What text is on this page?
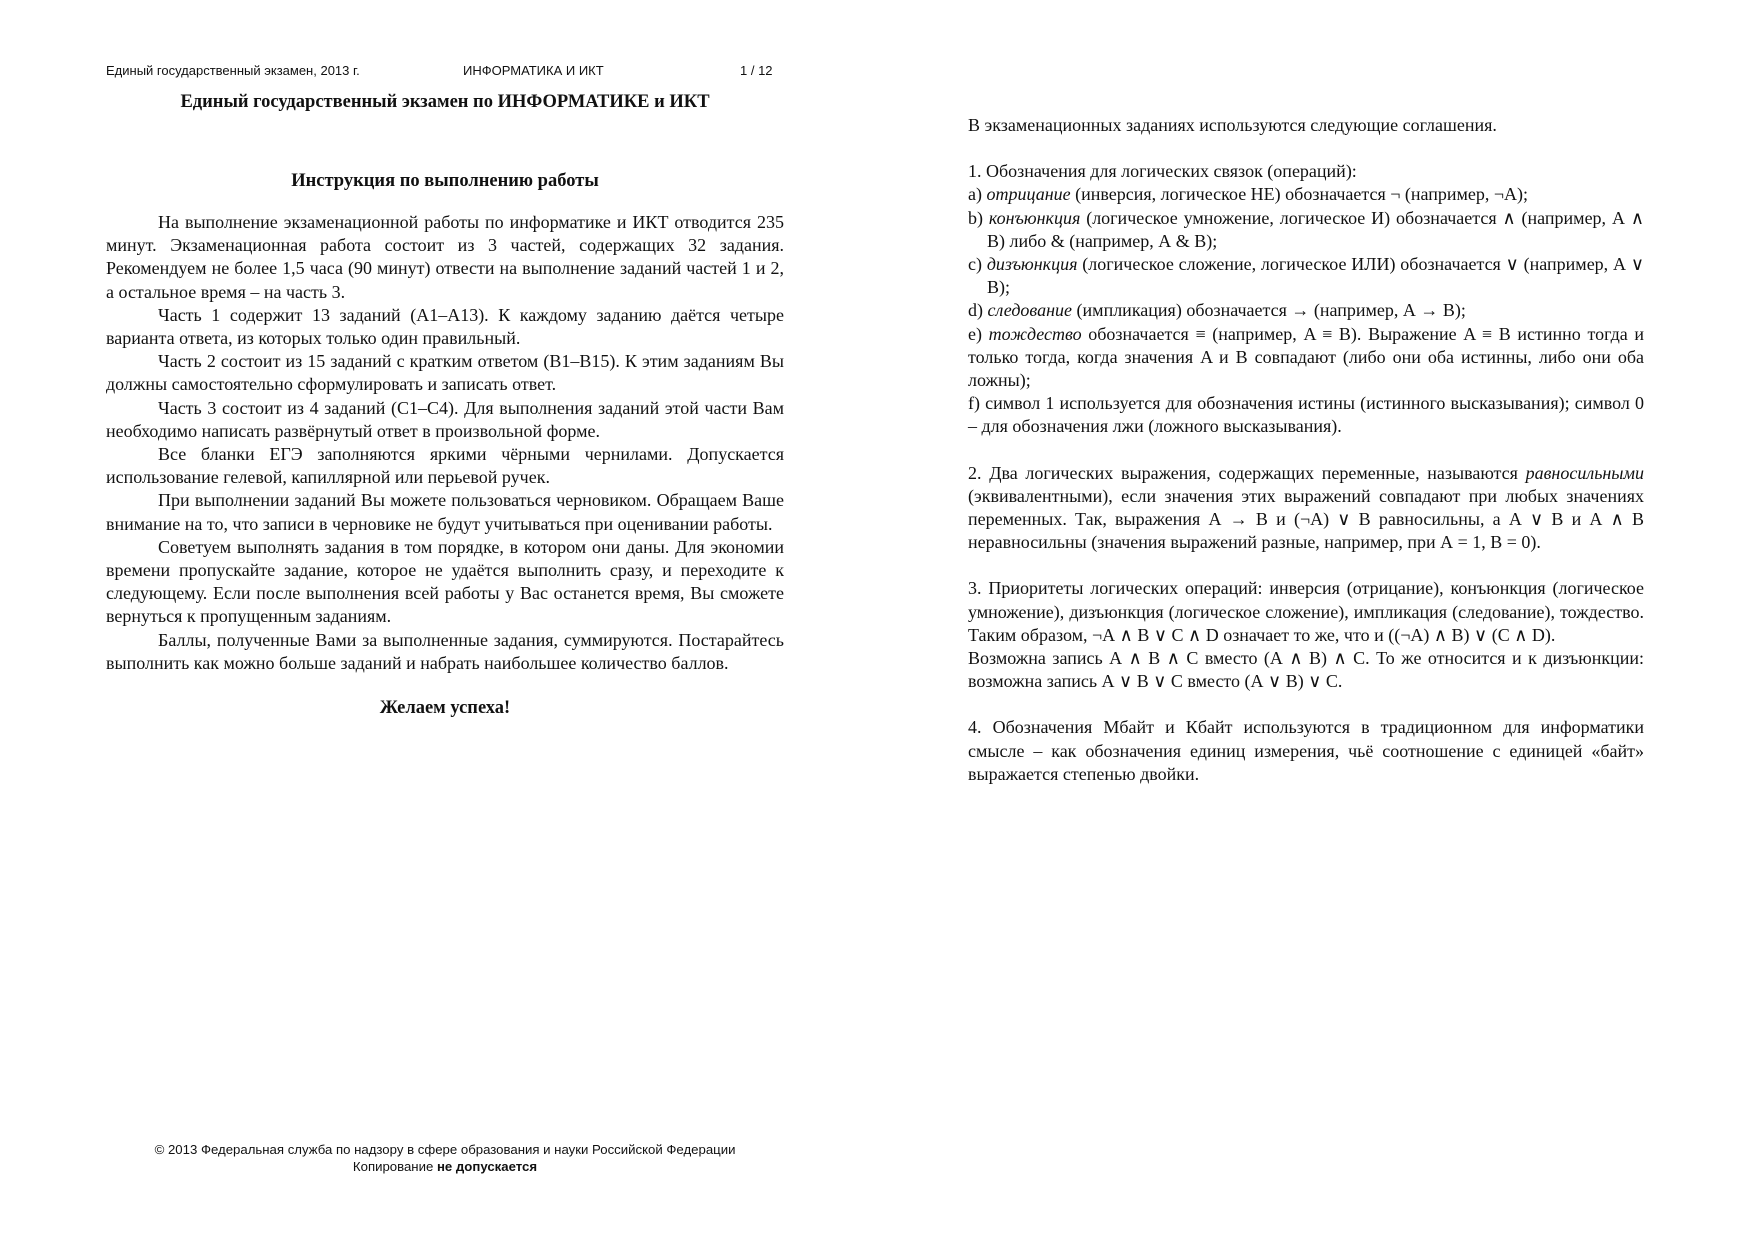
Единый государственный экзамен, 2013 г.	ИНФОРМАТИКА И ИКТ	1 / 12
Единый государственный экзамен по ИНФОРМАТИКЕ и ИКТ
Инструкция по выполнению работы

На выполнение экзаменационной работы по информатике и ИКТ отводится 235 минут. Экзаменационная работа состоит из 3 частей, содержащих 32 задания. Рекомендуем не более 1,5 часа (90 минут) отвести на выполнение заданий частей 1 и 2, а остальное время – на часть 3.

Часть 1 содержит 13 заданий (А1–А13). К каждому заданию даётся четыре варианта ответа, из которых только один правильный.

Часть 2 состоит из 15 заданий с кратким ответом (В1–В15). К этим заданиям Вы должны самостоятельно сформулировать и записать ответ.

Часть 3 состоит из 4 заданий (С1–С4). Для выполнения заданий этой части Вам необходимо написать развёрнутый ответ в произвольной форме.

Все бланки ЕГЭ заполняются яркими чёрными чернилами. Допускается использование гелевой, капиллярной или перьевой ручек.

При выполнении заданий Вы можете пользоваться черновиком. Обращаем Ваше внимание на то, что записи в черновике не будут учитываться при оценивании работы.

Советуем выполнять задания в том порядке, в котором они даны. Для экономии времени пропускайте задание, которое не удаётся выполнить сразу, и переходите к следующему. Если после выполнения всей работы у Вас останется время, Вы сможете вернуться к пропущенным заданиям.

Баллы, полученные Вами за выполненные задания, суммируются. Постарайтесь выполнить как можно больше заданий и набрать наибольшее количество баллов.

Желаем успеха!
© 2013 Федеральная служба по надзору в сфере образования и науки Российской Федерации
Копирование не допускается

В экзаменационных заданиях используются следующие соглашения.

1. Обозначения для логических связок (операций):

a) отрицание (инверсия, логическое НЕ) обозначается ¬ (например, ¬А);

b) конъюнкция (логическое умножение, логическое И) обозначается ∧ (например, А ∧ В) либо & (например, А & В);

c) дизъюнкция (логическое сложение, логическое ИЛИ) обозначается ∨ (например, А ∨ В);

d) следование (импликация) обозначается → (например, А → В);

e) тождество обозначается ≡ (например, A ≡ B). Выражение A ≡ B истинно тогда и только тогда, когда значения A и B совпадают (либо они оба истинны, либо они оба ложны);

f) символ 1 используется для обозначения истины (истинного высказывания); символ 0 – для обозначения лжи (ложного высказывания).

2. Два логических выражения, содержащих переменные, называются равносильными (эквивалентными), если значения этих выражений совпадают при любых значениях переменных. Так, выражения А → В и (¬А) ∨ В равносильны, а А ∨ В и А ∧ В неравносильны (значения выражений разные, например, при А = 1, В = 0).

3. Приоритеты логических операций: инверсия (отрицание), конъюнкция (логическое умножение), дизъюнкция (логическое сложение), импликация (следование), тождество. Таким образом, ¬А ∧ В ∨ С ∧ D означает то же, что и ((¬А) ∧ В) ∨ (С ∧ D).

Возможна запись А ∧ В ∧ С вместо (А ∧ В) ∧ С. То же относится и к дизъюнкции: возможна запись А ∨ В ∨ С вместо (А ∨ В) ∨ С.

4. Обозначения Мбайт и Кбайт используются в традиционном для информатики смысле – как обозначения единиц измерения, чьё соотношение с единицей «байт» выражается степенью двойки.
